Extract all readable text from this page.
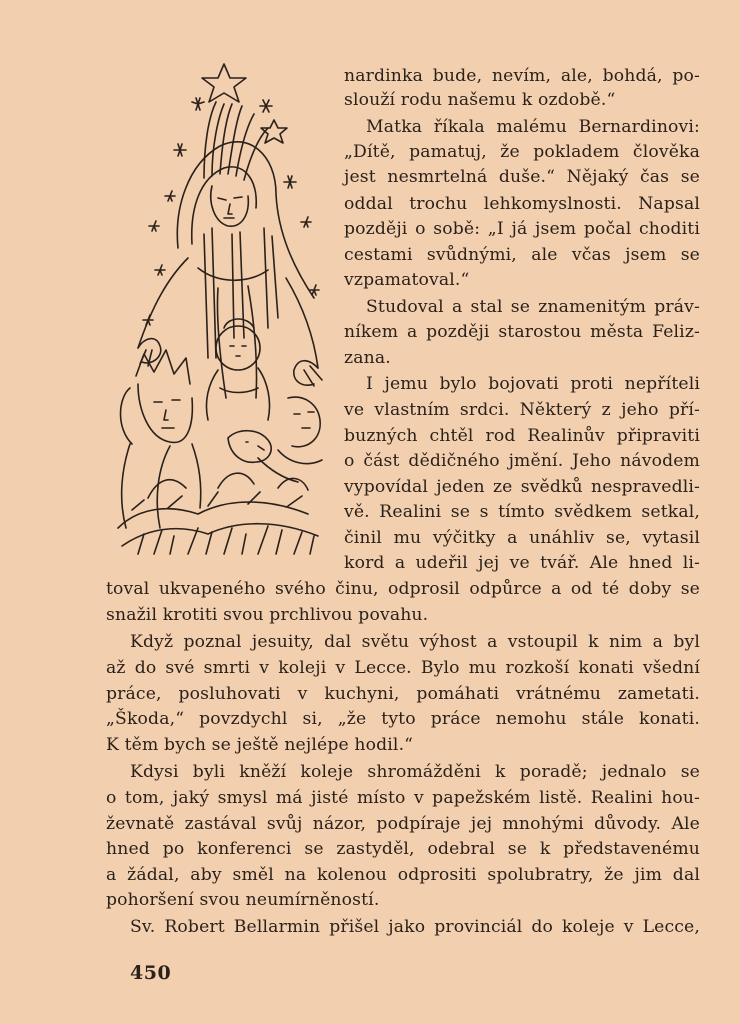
nardinka bude, nevím, ale, bohdá, po-
slouží rodu našemu k ozdobě.“
Matka říkala malému Bernardinovi:
„Dítě, pamatuj, že pokladem člověka
jest nesmrtelná duše.“ Nějaký čas se
oddal trochu lehkomyslnosti. Napsal
později o sobě: „I já jsem počal choditi
cestami svůdnými, ale včas jsem se
vzpamatoval.“
Studoval a stal se znamenitým práv-
níkem a později starostou města Feliz-
zana.
I jemu bylo bojovati proti nepříteli
ve vlastním srdci. Některý z jeho pří-
buzných chtěl rod Realinův připraviti
o část dědičného jmění. Jeho návodem
vypovídal jeden ze svědků nespravedli-
vě. Realini se s tímto svědkem setkal,
činil mu výčitky a unáhliv se, vytasil
kord a udeřil jej ve tvář. Ale hned li-
toval ukvapeného svého činu, odprosil odpůrce a od té doby se
snažil krotiti svou prchlivou povahu.
Když poznal jesuity, dal světu výhost a vstoupil k nim a byl
až do své smrti v koleji v Lecce. Bylo mu rozkoší konati všední
práce, posluhovati v kuchyni, pomáhati vrátnému zametati.
„Škoda,“ povzdychl si, „že tyto práce nemohu stále konati.
K těm bych se ještě nejlépe hodil.“
Kdysi byli kněží koleje shromážděni k poradě; jednalo se
o tom, jaký smysl má jisté místo v papežském listě. Realini hou-
ževnatě zastával svůj názor, podpíraje jej mnohými důvody. Ale
hned po konferenci se zastyděl, odebral se k představenému
a žádal, aby směl na kolenou odprositi spolubratry, že jim dal
pohoršení svou neumírněností.
Sv. Robert Bellarmin přišel jako provinciál do koleje v Lecce,
450
